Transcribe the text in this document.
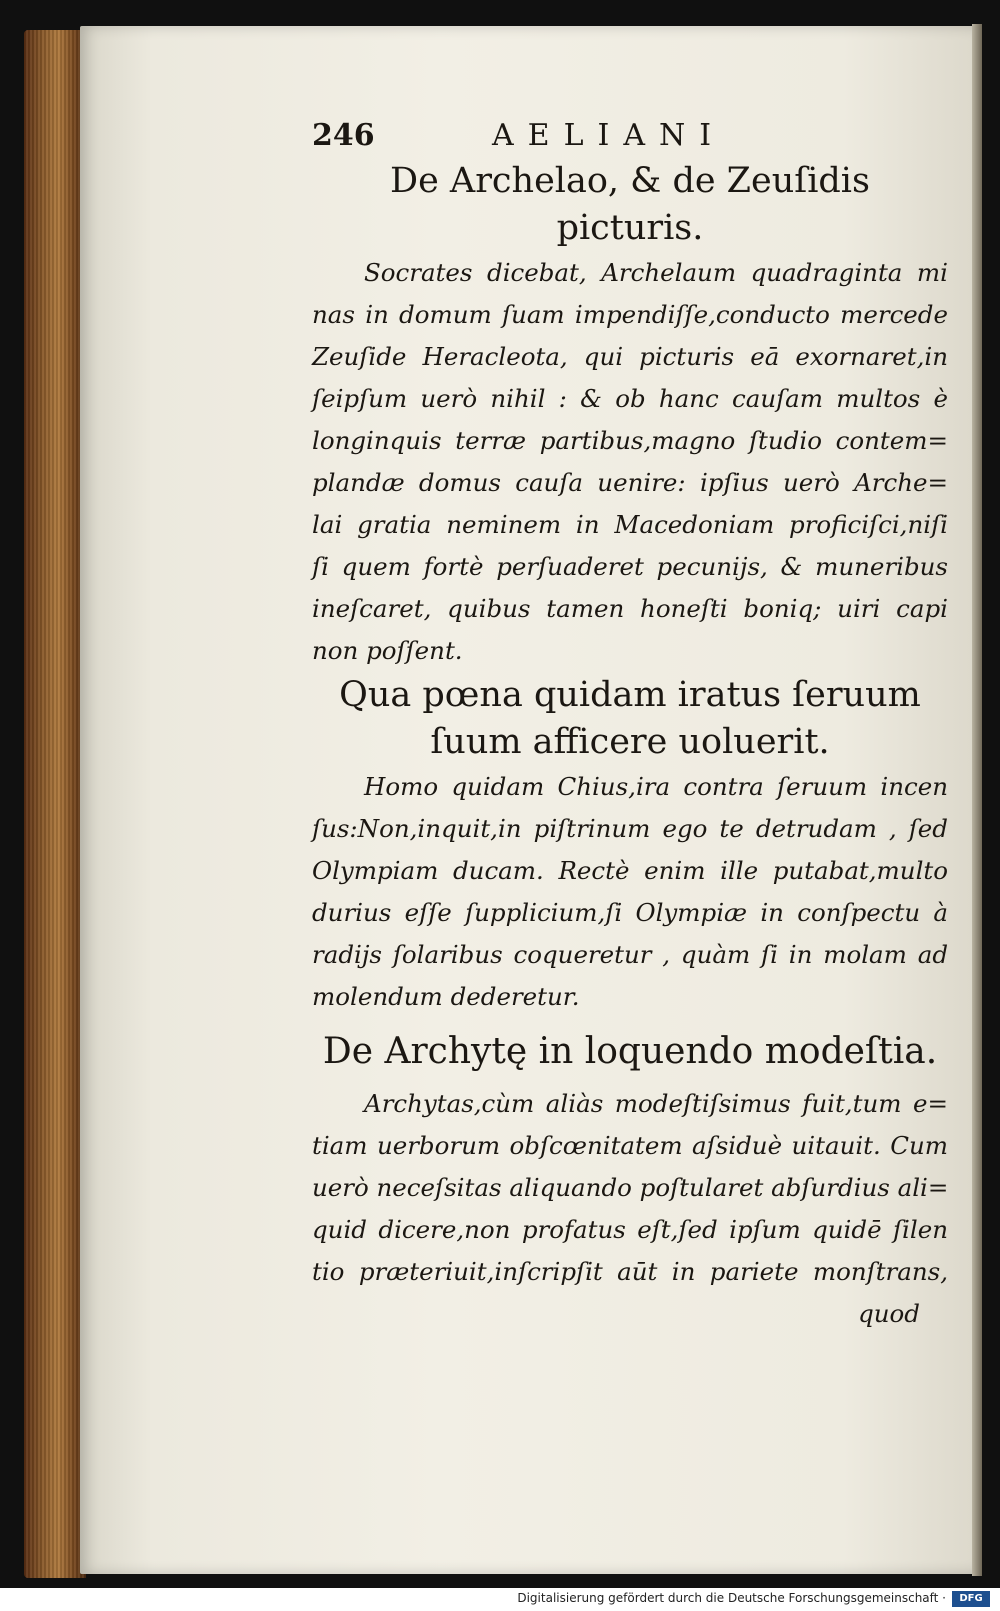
246	AELIANI
De Archelao, & de Zeuſidis
picturis.

Socrates dicebat, Archelaum quadraginta mi
nas in domum ſuam impendiſſe,conducto mercede
Zeuſide Heracleota, qui picturis eā exornaret,in
ſeipſum uerò nihil : & ob hanc cauſam multos è
longinquis terræ partibus,magno ſtudio contem=
plandæ domus cauſa uenire: ipſius uerò Arche=
lai gratia neminem in Macedoniam proficiſci,niſi
ſi quem fortè perſuaderet pecunijs, & muneribus
ineſcaret, quibus tamen honeſti boniq; uiri capi
non poſſent.

Qua pœna quidam iratus ſeruum
ſuum afficere uoluerit.

Homo quidam Chius,ira contra ſeruum incen
ſus:Non,inquit,in piſtrinum ego te detrudam , ſed
Olympiam ducam. Rectè enim ille putabat,multo
durius eſſe ſupplicium,ſi Olympiæ in conſpectu à
radijs ſolaribus coqueretur , quàm ſi in molam ad
molendum dederetur.

De Archytę in loquendo modeſtia.

Archytas,cùm aliàs modeſtiſsimus fuit,tum e=
tiam uerborum obſcœnitatem aſsiduè uitauit. Cum
uerò neceſsitas aliquando poſtularet abſurdius ali=
quid dicere,non profatus eſt,ſed ipſum quidē ſilen
tio præteriuit,inſcripſit aūt in pariete monſtrans,
quod

Digitalisierung gefördert durch die Deutsche Forschungsgemeinschaft ·	DFG
